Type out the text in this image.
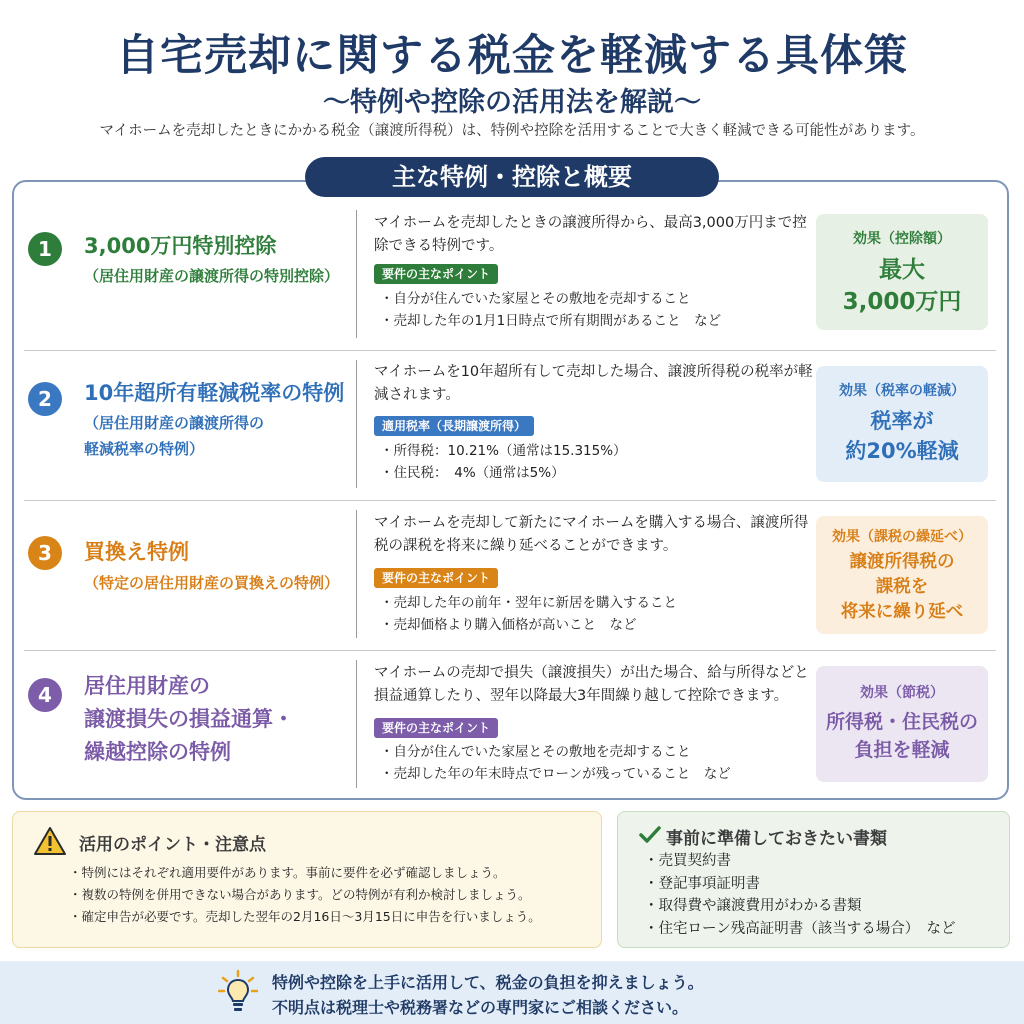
自宅売却に関する税金を軽減する具体策
〜特例や控除の活用法を解説〜
マイホームを売却したときにかかる税金（譲渡所得税）は、特例や控除を活用することで大きく軽減できる可能性があります。
主な特例・控除と概要
1	3,000万円特別控除
（居住用財産の譲渡所得の特別控除）
マイホームを売却したときの譲渡所得から、最高3,000万円まで控除できる特例です。
要件の主なポイント
・自分が住んでいた家屋とその敷地を売却すること
・売却した年の1月1日時点で所有期間があること　など
効果（控除額）
最大
3,000万円
2	10年超所有軽減税率の特例
（居住用財産の譲渡所得の
軽減税率の特例）
マイホームを10年超所有して売却した場合、譲渡所得税の税率が軽減されます。
適用税率（長期譲渡所得）
・所得税：10.21%（通常は15.315%）
・住民税：　4%（通常は5%）
効果（税率の軽減）
税率が
約20%軽減
3	買換え特例
（特定の居住用財産の買換えの特例）
マイホームを売却して新たにマイホームを購入する場合、譲渡所得税の課税を将来に繰り延べることができます。
要件の主なポイント
・売却した年の前年・翌年に新居を購入すること
・売却価格より購入価格が高いこと　など
効果（課税の繰延べ）
譲渡所得税の
課税を
将来に繰り延べ
4	居住用財産の
譲渡損失の損益通算・
繰越控除の特例
マイホームの売却で損失（譲渡損失）が出た場合、給与所得などと損益通算したり、翌年以降最大3年間繰り越して控除できます。
要件の主なポイント
・自分が住んでいた家屋とその敷地を売却すること
・売却した年の年末時点でローンが残っていること　など
効果（節税）
所得税・住民税の
負担を軽減
活用のポイント・注意点
・特例にはそれぞれ適用要件があります。事前に要件を必ず確認しましょう。
・複数の特例を併用できない場合があります。どの特例が有利か検討しましょう。
・確定申告が必要です。売却した翌年の2月16日〜3月15日に申告を行いましょう。
事前に準備しておきたい書類
・売買契約書
・登記事項証明書
・取得費や譲渡費用がわかる書類
・住宅ローン残高証明書（該当する場合）　など
特例や控除を上手に活用して、税金の負担を抑えましょう。
不明点は税理士や税務署などの専門家にご相談ください。
